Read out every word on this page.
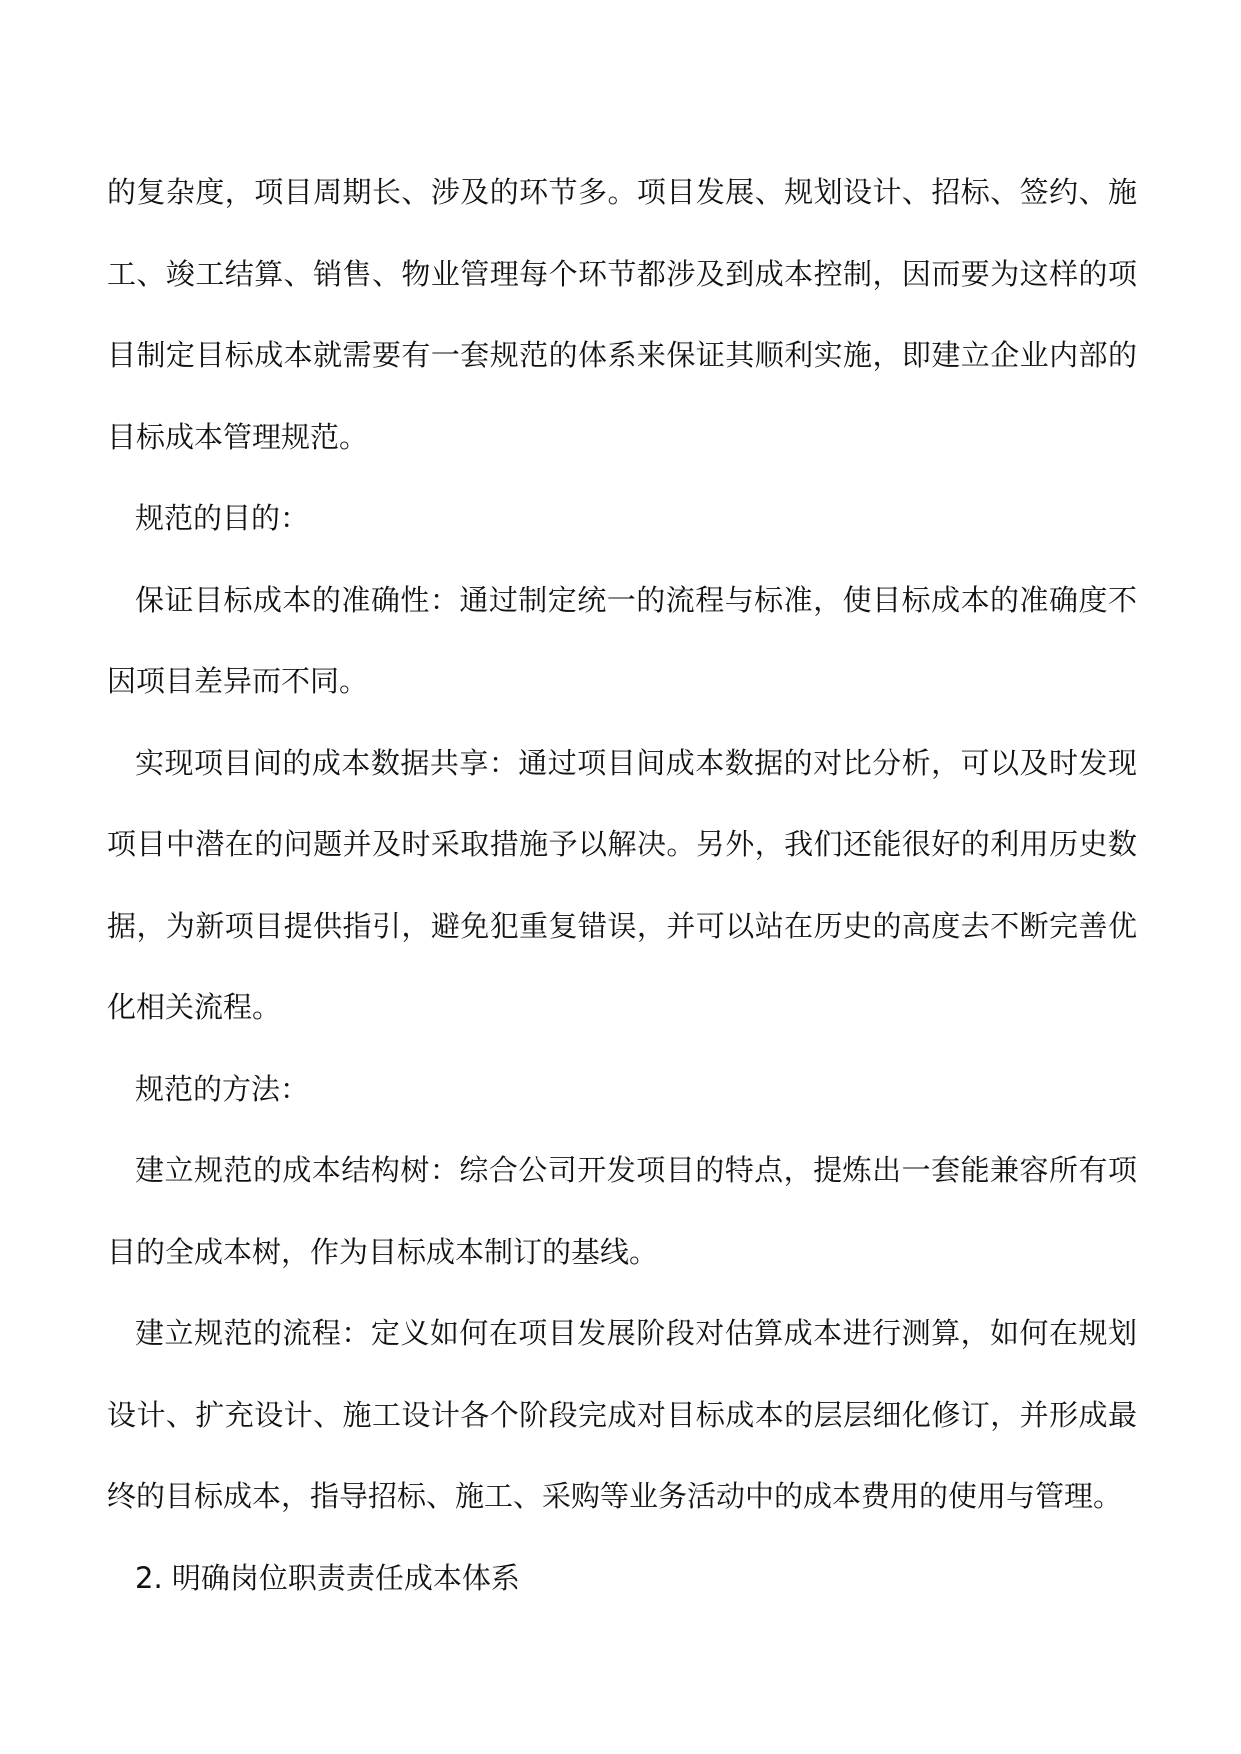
的复杂度，项目周期长、涉及的环节多。项目发展、规划设计、招标、签约、施工、竣工结算、销售、物业管理每个环节都涉及到成本控制，因而要为这样的项目制定目标成本就需要有一套规范的体系来保证其顺利实施，即建立企业内部的目标成本管理规范。

规范的目的：

保证目标成本的准确性：通过制定统一的流程与标准，使目标成本的准确度不因项目差异而不同。

实现项目间的成本数据共享：通过项目间成本数据的对比分析，可以及时发现项目中潜在的问题并及时采取措施予以解决。另外，我们还能很好的利用历史数据，为新项目提供指引，避免犯重复错误，并可以站在历史的高度去不断完善优化相关流程。

规范的方法：

建立规范的成本结构树：综合公司开发项目的特点，提炼出一套能兼容所有项目的全成本树，作为目标成本制订的基线。

建立规范的流程：定义如何在项目发展阶段对估算成本进行测算，如何在规划设计、扩充设计、施工设计各个阶段完成对目标成本的层层细化修订，并形成最终的目标成本，指导招标、施工、采购等业务活动中的成本费用的使用与管理。

2. 明确岗位职责责任成本体系
